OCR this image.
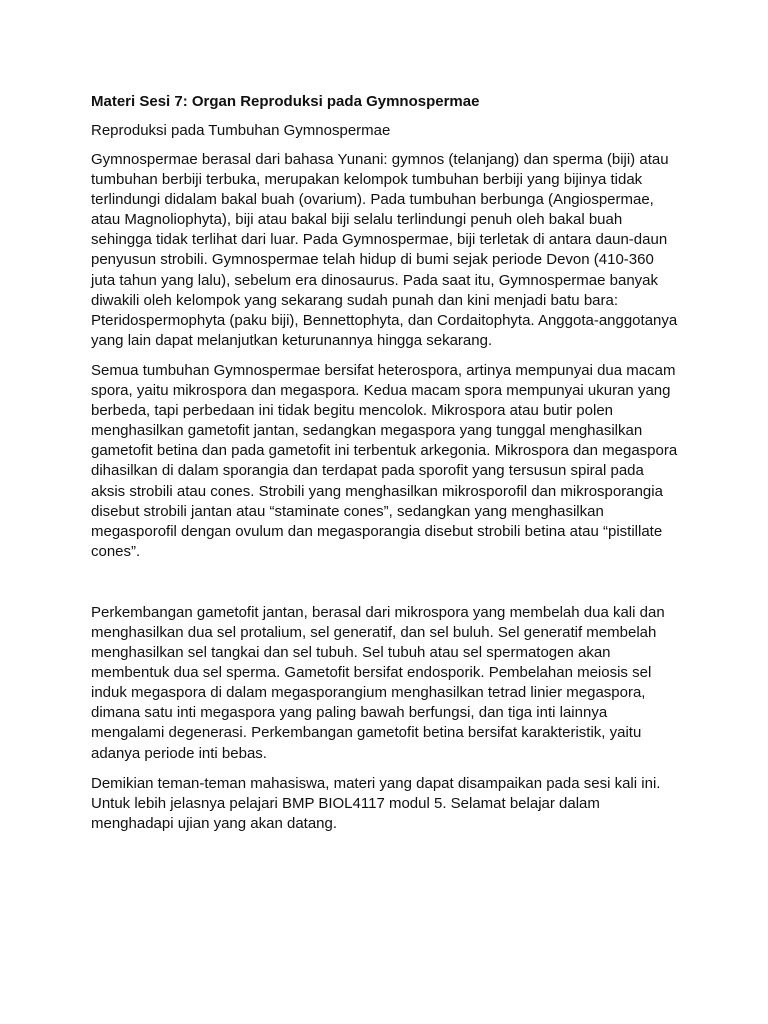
Materi Sesi 7: Organ Reproduksi pada Gymnospermae
Reproduksi pada Tumbuhan Gymnospermae

Gymnospermae berasal dari bahasa Yunani: gymnos (telanjang) dan sperma (biji) atau tumbuhan berbiji terbuka, merupakan kelompok tumbuhan berbiji yang bijinya tidak terlindungi didalam bakal buah (ovarium). Pada tumbuhan berbunga (Angiospermae, atau Magnoliophyta), biji atau bakal biji selalu terlindungi penuh oleh bakal buah sehingga tidak terlihat dari luar. Pada Gymnospermae, biji terletak di antara daun-daun penyusun strobili. Gymnospermae telah hidup di bumi sejak periode Devon (410-360 juta tahun yang lalu), sebelum era dinosaurus. Pada saat itu, Gymnospermae banyak diwakili oleh kelompok yang sekarang sudah punah dan kini menjadi batu bara: Pteridospermophyta (paku biji), Bennettophyta, dan Cordaitophyta. Anggota-anggotanya yang lain dapat melanjutkan keturunannya hingga sekarang.

Semua tumbuhan Gymnospermae bersifat heterospora, artinya mempunyai dua macam spora, yaitu mikrospora dan megaspora. Kedua macam spora mempunyai ukuran yang berbeda, tapi perbedaan ini tidak begitu mencolok. Mikrospora atau butir polen menghasilkan gametofit jantan, sedangkan megaspora yang tunggal menghasilkan gametofit betina dan pada gametofit ini terbentuk arkegonia. Mikrospora dan megaspora dihasilkan di dalam sporangia dan terdapat pada sporofit yang tersusun spiral pada aksis strobili atau cones. Strobili yang menghasilkan mikrosporofil dan mikrosporangia disebut strobili jantan atau “staminate cones”, sedangkan yang menghasilkan megasporofil dengan ovulum dan megasporangia disebut strobili betina atau “pistillate cones”.

Perkembangan gametofit jantan, berasal dari mikrospora yang membelah dua kali dan menghasilkan dua sel protalium, sel generatif, dan sel buluh. Sel generatif membelah menghasilkan sel tangkai dan sel tubuh. Sel tubuh atau sel spermatogen akan membentuk dua sel sperma. Gametofit bersifat endosporik. Pembelahan meiosis sel induk megaspora di dalam megasporangium menghasilkan tetrad linier megaspora, dimana satu inti megaspora yang paling bawah berfungsi, dan tiga inti lainnya mengalami degenerasi. Perkembangan gametofit betina bersifat karakteristik, yaitu adanya periode inti bebas.

Demikian teman-teman mahasiswa, materi yang dapat disampaikan pada sesi kali ini. Untuk lebih jelasnya pelajari BMP BIOL4117 modul 5. Selamat belajar dalam menghadapi ujian yang akan datang.
